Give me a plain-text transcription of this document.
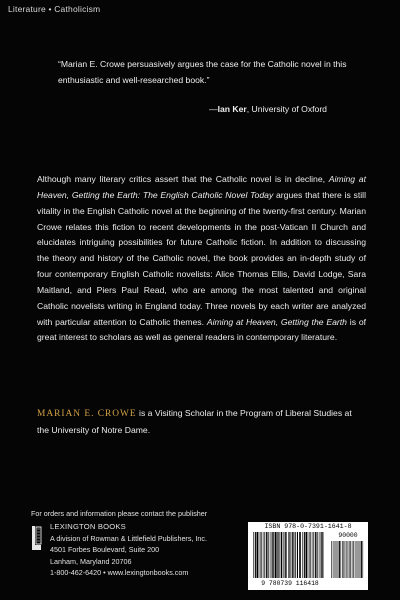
Literature • Catholicism
“Marian E. Crowe persuasively argues the case for the Catholic novel in this enthusiastic and well-researched book.”
—Ian Ker, University of Oxford
Although many literary critics assert that the Catholic novel is in decline, Aiming at Heaven, Getting the Earth: The English Catholic Novel Today argues that there is still vitality in the English Catholic novel at the beginning of the twenty-first century. Marian Crowe relates this fiction to recent developments in the post-Vatican II Church and elucidates intriguing possibilities for future Catholic fiction. In addition to discussing the theory and history of the Catholic novel, the book provides an in-depth study of four contemporary English Catholic novelists: Alice Thomas Ellis, David Lodge, Sara Maitland, and Piers Paul Read, who are among the most talented and original Catholic novelists writing in England today. Three novels by each writer are analyzed with particular attention to Catholic themes. Aiming at Heaven, Getting the Earth is of great interest to scholars as well as general readers in contemporary literature.
MARIAN E. CROWE is a Visiting Scholar in the Program of Liberal Studies at the University of Notre Dame.
For orders and information please contact the publisher
LEXINGTON BOOKS
A division of Rowman & Littlefield Publishers, Inc.
4501 Forbes Boulevard, Suite 200
Lanham, Maryland 20706
1-800-462-6420 • www.lexingtonbooks.com
ISBN 978-0-7391-1641-8
90000
9 780739 116418
